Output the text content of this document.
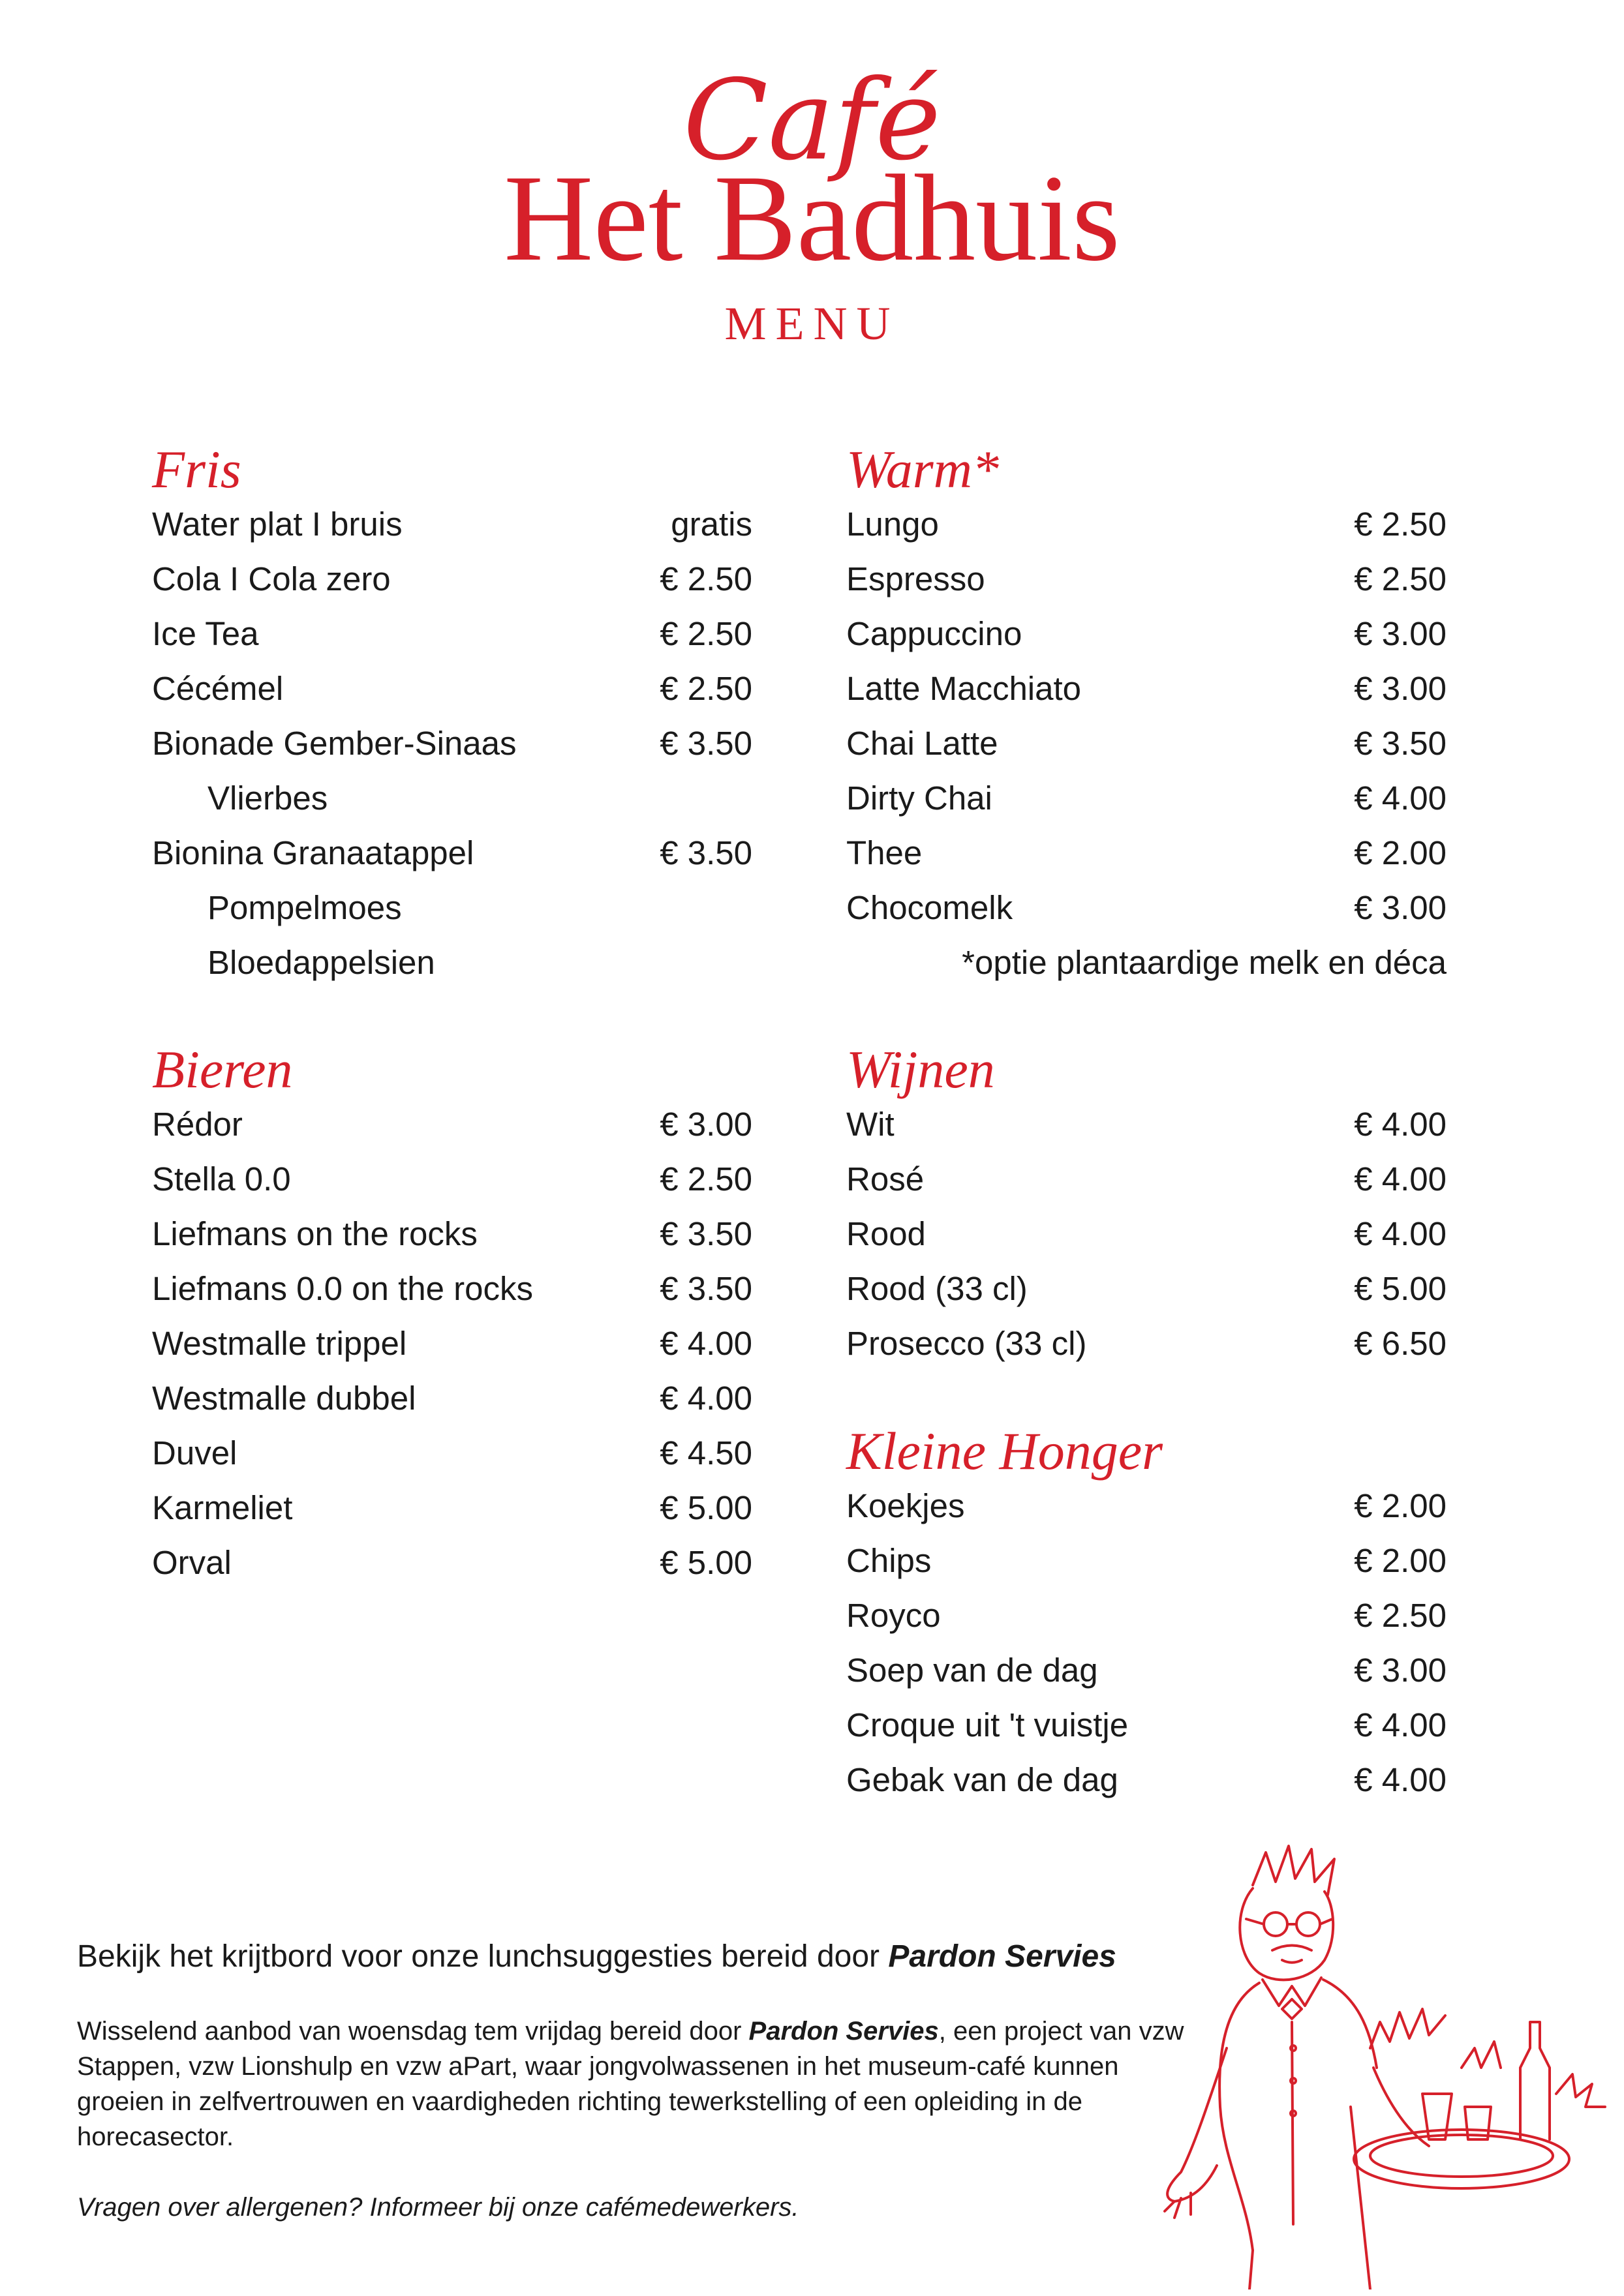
Café
Het Badhuis
MENU
Fris
Water plat I bruis	gratis
Cola I Cola zero	€ 2.50
Ice Tea	€ 2.50
Cécémel	€ 2.50
Bionade Gember-Sinaas	€ 3.50
Vlierbes
Bionina Granaatappel	€ 3.50
Pompelmoes
Bloedappelsien
Warm*
Lungo	€ 2.50
Espresso	€ 2.50
Cappuccino	€ 3.00
Latte Macchiato	€ 3.00
Chai Latte	€ 3.50
Dirty Chai	€ 4.00
Thee	€ 2.00
Chocomelk	€ 3.00
*optie plantaardige melk en déca
Bieren
Rédor	€ 3.00
Stella 0.0	€ 2.50
Liefmans on the rocks	€ 3.50
Liefmans 0.0 on the rocks	€ 3.50
Westmalle trippel	€ 4.00
Westmalle dubbel	€ 4.00
Duvel	€ 4.50
Karmeliet	€ 5.00
Orval	€ 5.00
Wijnen
Wit	€ 4.00
Rosé	€ 4.00
Rood	€ 4.00
Rood (33 cl)	€ 5.00
Prosecco (33 cl)	€ 6.50
Kleine Honger
Koekjes	€ 2.00
Chips	€ 2.00
Royco	€ 2.50
Soep van de dag	€ 3.00
Croque uit 't vuistje	€ 4.00
Gebak van de dag	€ 4.00
Bekijk het krijtbord voor onze lunchsuggesties bereid door Pardon Servies
Wisselend aanbod van woensdag tem vrijdag bereid door Pardon Servies, een project van vzw Stappen, vzw Lionshulp en vzw aPart, waar jongvolwassenen in het museum-café kunnen groeien in zelfvertrouwen en vaardigheden richting tewerkstelling of een opleiding in de horecasector.
Vragen over allergenen? Informeer bij onze cafémedewerkers.
